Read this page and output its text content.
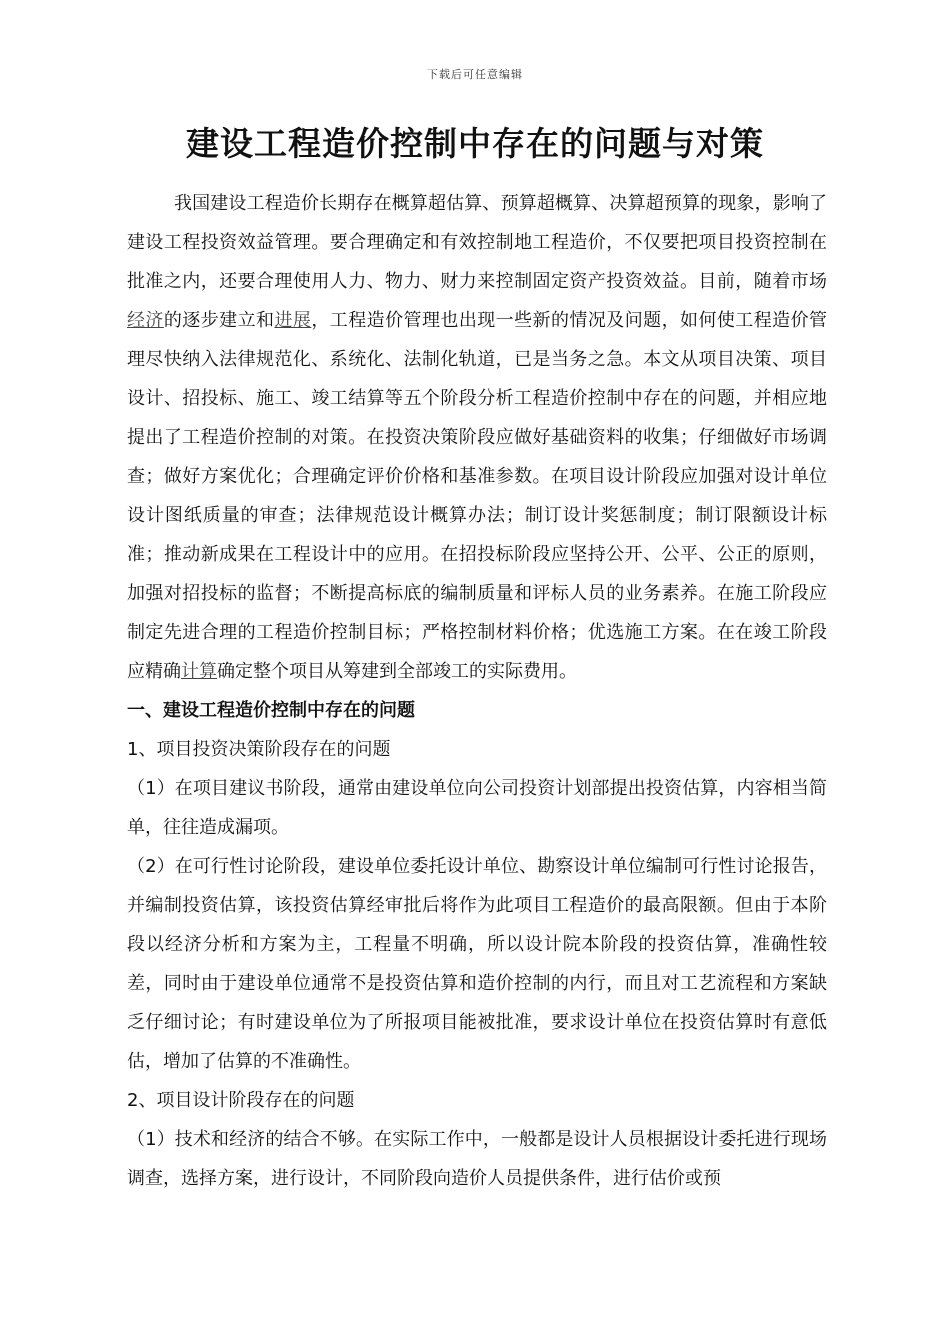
下载后可任意编辑
建设工程造价控制中存在的问题与对策

我国建设工程造价长期存在概算超估算、预算超概算、决算超预算的现象，影响了建设工程投资效益管理。要合理确定和有效控制地工程造价，不仅要把项目投资控制在批准之内，还要合理使用人力、物力、财力来控制固定资产投资效益。目前，随着市场经济的逐步建立和进展，工程造价管理也出现一些新的情况及问题，如何使工程造价管理尽快纳入法律规范化、系统化、法制化轨道，已是当务之急。本文从项目决策、项目设计、招投标、施工、竣工结算等五个阶段分析工程造价控制中存在的问题，并相应地提出了工程造价控制的对策。在投资决策阶段应做好基础资料的收集；仔细做好市场调查；做好方案优化；合理确定评价价格和基准参数。在项目设计阶段应加强对设计单位设计图纸质量的审查；法律规范设计概算办法；制订设计奖惩制度；制订限额设计标准；推动新成果在工程设计中的应用。在招投标阶段应坚持公开、公平、公正的原则，加强对招投标的监督；不断提高标底的编制质量和评标人员的业务素养。在施工阶段应制定先进合理的工程造价控制目标；严格控制材料价格；优选施工方案。在在竣工阶段应精确计算确定整个项目从筹建到全部竣工的实际费用。

一、建设工程造价控制中存在的问题

1、项目投资决策阶段存在的问题

（1）在项目建议书阶段，通常由建设单位向公司投资计划部提出投资估算，内容相当简单，往往造成漏项。

（2）在可行性讨论阶段，建设单位委托设计单位、勘察设计单位编制可行性讨论报告，并编制投资估算，该投资估算经审批后将作为此项目工程造价的最高限额。但由于本阶段以经济分析和方案为主，工程量不明确，所以设计院本阶段的投资估算，准确性较差，同时由于建设单位通常不是投资估算和造价控制的内行，而且对工艺流程和方案缺乏仔细讨论；有时建设单位为了所报项目能被批准，要求设计单位在投资估算时有意低估，增加了估算的不准确性。

2、项目设计阶段存在的问题

（1）技术和经济的结合不够。在实际工作中，一般都是设计人员根据设计委托进行现场调查，选择方案，进行设计，不同阶段向造价人员提供条件，进行估价或预
